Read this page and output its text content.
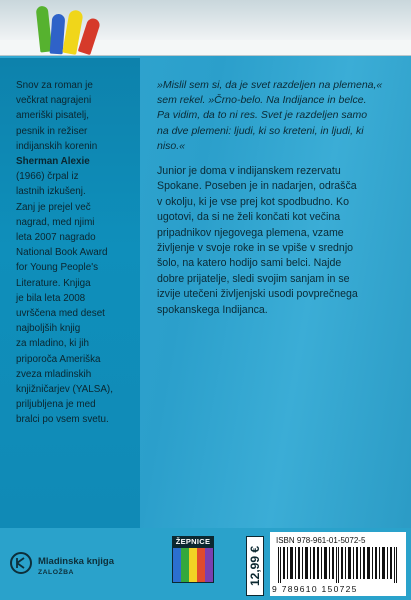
Snov za roman je

večkrat nagrajeni

ameriški pisatelj,

pesnik in režiser

indijanskih korenin

Sherman Alexie

(1966) črpal iz

lastnih izkušenj.

Zanj je prejel več

nagrad, med njimi

leta 2007 nagrado

National Book Award

for Young People's

Literature. Knjiga

je bila leta 2008

uvrščena med deset

najboljših knjig

za mladino, ki jih

priporoča Ameriška

zveza mladinskih

knjižničarjev (YALSA),

priljubljena je med

bralci po vsem svetu.

»Mislil sem si, da je svet razdeljen na plemena,«

sem rekel. »Črno-belo. Na Indijance in belce.

Pa vidim, da to ni res. Svet je razdeljen samo

na dve plemeni: ljudi, ki so kreteni, in ljudi, ki

niso.«

Junior je doma v indijanskem rezervatu

Spokane. Poseben je in nadarjen, odrašča

v okolju, ki je vse prej kot spodbudno. Ko

ugotovi, da si ne želi končati kot večina

pripadnikov njegovega plemena, vzame

življenje v svoje roke in se vpiše v srednjo

šolo, na katero hodijo sami belci. Najde

dobre prijatelje, sledi svojim sanjam in se

izvije utečeni življenjski usodi povprečnega

spokanskega Indijanca.

Mladinska knjiga
ZALOŽBA
ŽEPNICE
12,99 €
ISBN 978-961-01-5072-5
9 789610 150725
